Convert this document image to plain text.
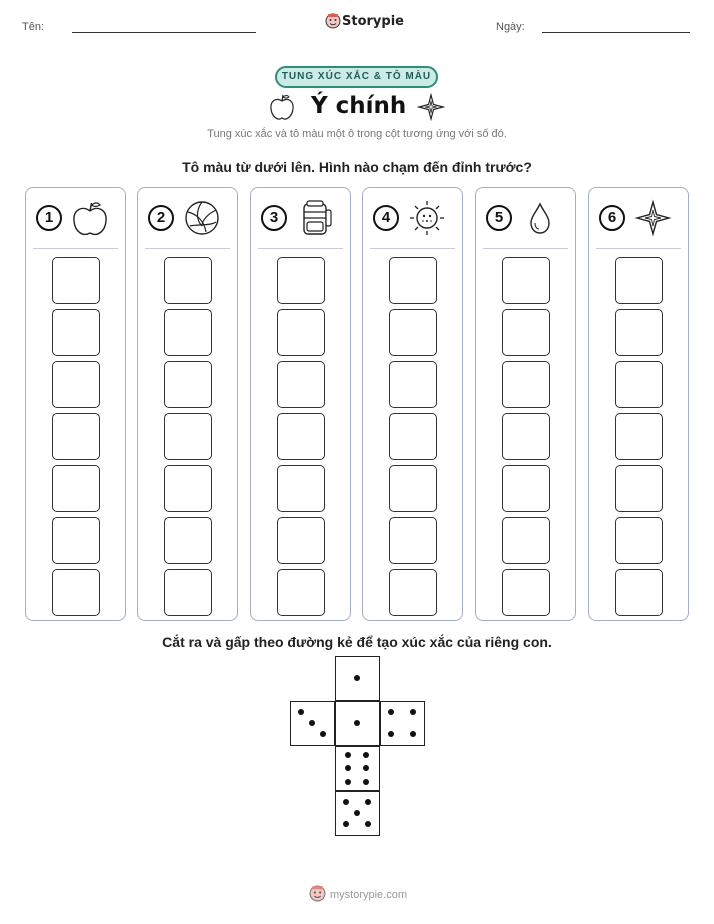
Tên:	Storypie	Ngày:
TUNG XÚC XẮC & TÔ MÀU
Ý chính
Tung xúc xắc và tô màu một ô trong cột tương ứng với số đó.
Tô màu từ dưới lên. Hình nào chạm đến đỉnh trước?
1	2	3	4	5	6
Cắt ra và gấp theo đường kẻ để tạo xúc xắc của riêng con.
mystorypie.com
